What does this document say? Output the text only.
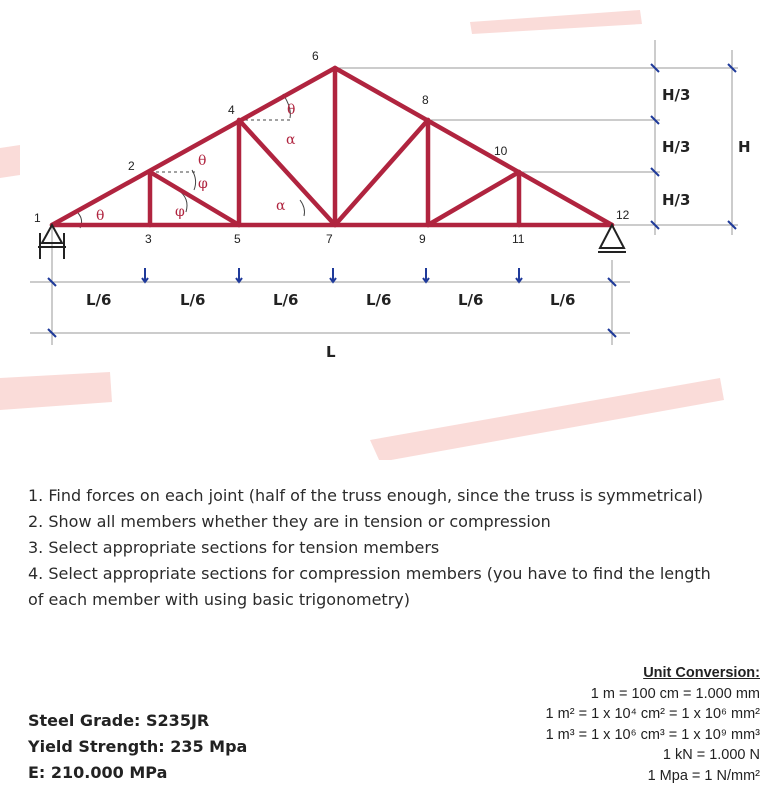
1
2
3
4
5
6
7
8
9
10
11
12
θ	φ
θ
φ
θ
α
α
L/6	L/6	L/6	L/6	L/6	L/6
L
H/3
H/3
H/3
H
1. Find forces on each joint (half of the truss enough, since the truss is symmetrical)
2. Show all members whether they are in tension or compression
3. Select appropriate sections for tension members
4. Select appropriate sections for compression members (you have to find the length
of each member with using basic trigonometry)
Steel Grade: S235JR
Yield Strength: 235 Mpa
E: 210.000 MPa
Unit Conversion:
1 m = 100 cm = 1.000 mm
1 m² = 1 x 10⁴ cm² = 1 x 10⁶ mm²
1 m³ = 1 x 10⁶ cm³ = 1 x 10⁹ mm³
1 kN = 1.000 N
1 Mpa = 1 N/mm²
